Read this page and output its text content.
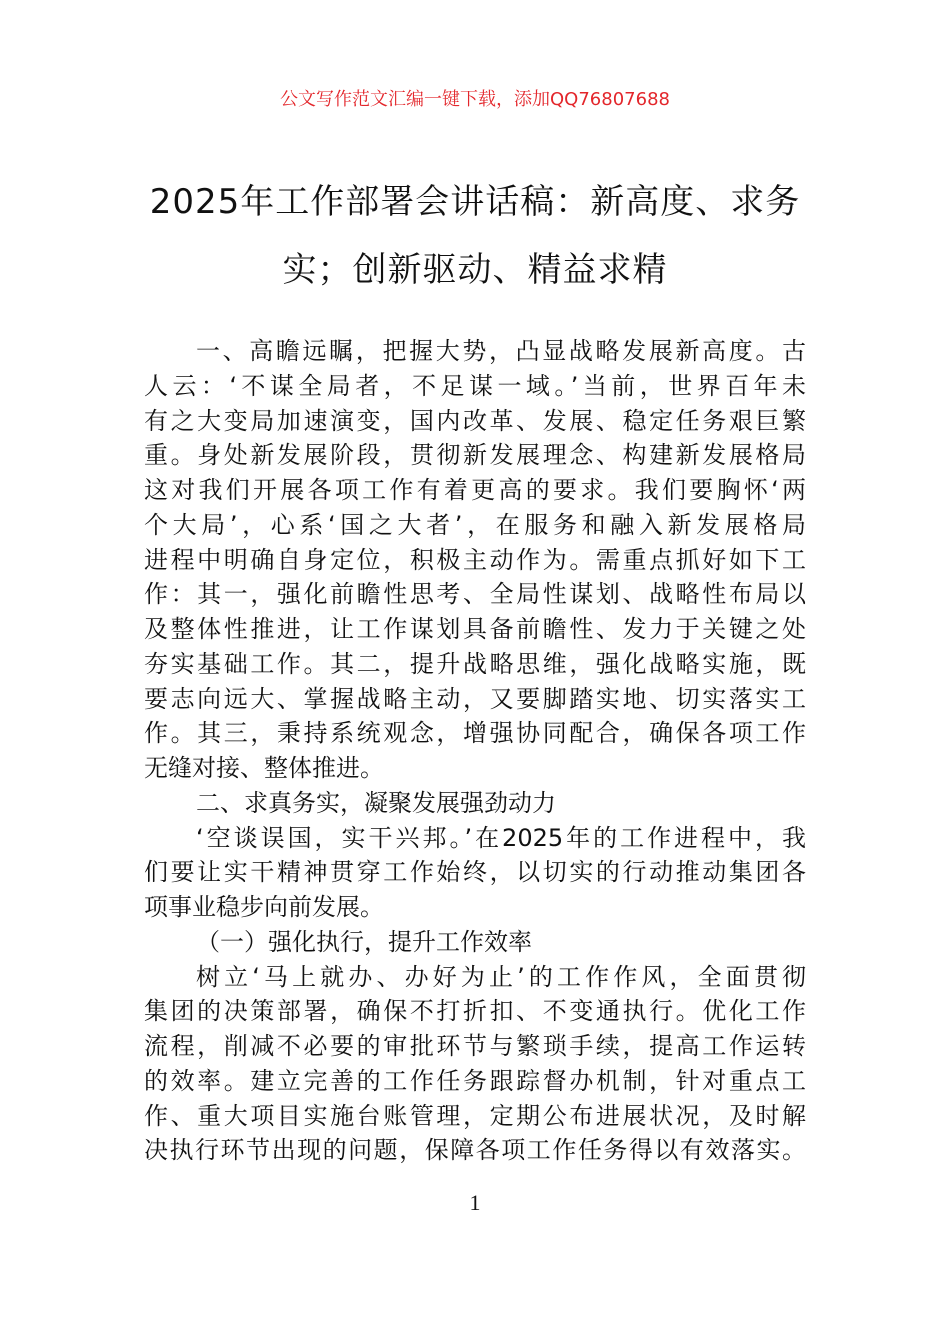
公文写作范文汇编一键下载，添加QQ76807688
2025年工作部署会讲话稿：新高度、求务
实；创新驱动、精益求精
一、高瞻远瞩，把握大势，凸显战略发展新高度。古
人云：‘不谋全局者，不足谋一域。’当前，世界百年未
有之大变局加速演变，国内改革、发展、稳定任务艰巨繁
重。身处新发展阶段，贯彻新发展理念、构建新发展格局
这对我们开展各项工作有着更高的要求。我们要胸怀‘两
个大局’，心系‘国之大者’，在服务和融入新发展格局
进程中明确自身定位，积极主动作为。需重点抓好如下工
作：其一，强化前瞻性思考、全局性谋划、战略性布局以
及整体性推进，让工作谋划具备前瞻性、发力于关键之处
夯实基础工作。其二，提升战略思维，强化战略实施，既
要志向远大、掌握战略主动，又要脚踏实地、切实落实工
作。其三，秉持系统观念，增强协同配合，确保各项工作
无缝对接、整体推进。
二、求真务实，凝聚发展强劲动力
‘空谈误国，实干兴邦。’在2025年的工作进程中，我
们要让实干精神贯穿工作始终，以切实的行动推动集团各
项事业稳步向前发展。
（一）强化执行，提升工作效率
树立‘马上就办、办好为止’的工作作风，全面贯彻
集团的决策部署，确保不打折扣、不变通执行。优化工作
流程，削减不必要的审批环节与繁琐手续，提高工作运转
的效率。建立完善的工作任务跟踪督办机制，针对重点工
作、重大项目实施台账管理，定期公布进展状况，及时解
决执行环节出现的问题，保障各项工作任务得以有效落实。
1
